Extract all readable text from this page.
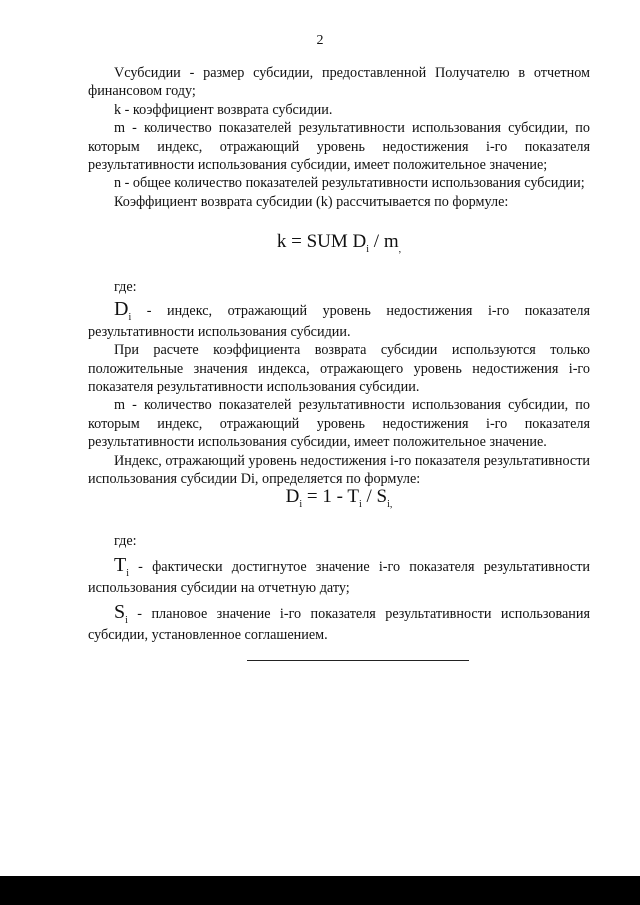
2

Vсубсидии - размер субсидии, предоставленной Получателю в отчетном финансовом году;

k - коэффициент возврата субсидии.

m - количество показателей результативности использования субсидии, по которым индекс, отражающий уровень недостижения i-го показателя результативности использования субсидии, имеет положительное значение;

n - общее количество показателей результативности использования субсидии;

Коэффициент возврата субсидии (k) рассчитывается по формуле:

k = SUM $D_i / m_,$

где:

$D_i$ - индекс, отражающий уровень недостижения i-го показателя результативности использования субсидии.

При расчете коэффициента возврата субсидии используются только положительные значения индекса, отражающего уровень недостижения i-го показателя результативности использования субсидии.

m - количество показателей результативности использования субсидии, по которым индекс, отражающий уровень недостижения i-го показателя результативности использования субсидии, имеет положительное значение.

Индекс, отражающий уровень недостижения i-го показателя результативности использования субсидии Di, определяется по формуле:

$D_i = 1 - T_i / S_{i,}$

где:

$T_i$ - фактически достигнутое значение i-го показателя результативности использования субсидии на отчетную дату;

$S_i$ - плановое значение i-го показателя результативности использования субсидии, установленное соглашением.
